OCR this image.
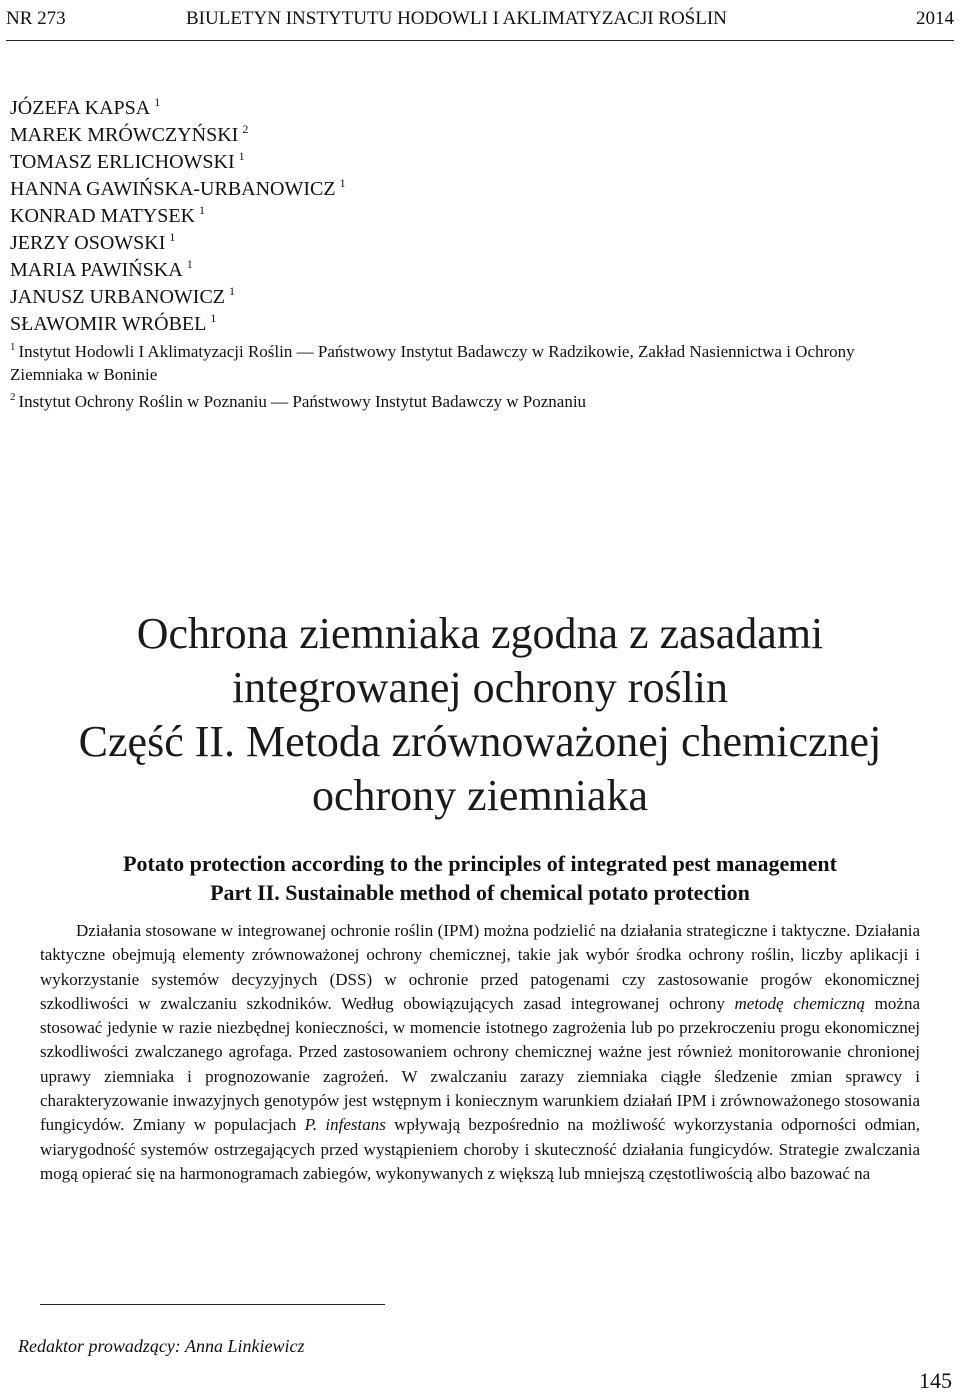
NR 273	BIULETYN INSTYTUTU HODOWLI I AKLIMATYZACJI ROŚLIN	2014
JÓZEFA KAPSA $^1$
MAREK MRÓWCZYŃSKI $^2$
TOMASZ ERLICHOWSKI $^1$
HANNA GAWIŃSKA-URBANOWICZ $^1$
KONRAD MATYSEK $^1$
JERZY OSOWSKI $^1$
MARIA PAWIŃSKA $^1$
JANUSZ URBANOWICZ $^1$
SŁAWOMIR WRÓBEL $^1$
$^1$ Instytut Hodowli I Aklimatyzacji Roślin — Państwowy Instytut Badawczy w Radzikowie, Zakład Nasiennictwa i Ochrony Ziemniaka w Boninie
$^2$ Instytut Ochrony Roślin w Poznaniu — Państwowy Instytut Badawczy w Poznaniu
Ochrona ziemniaka zgodna z zasadami
integrowanej ochrony roślin
Część II. Metoda zrównoważonej chemicznej
ochrony ziemniaka
Potato protection according to the principles of integrated pest management
Part II. Sustainable method of chemical potato protection
Działania stosowane w integrowanej ochronie roślin (IPM) można podzielić na działania strategiczne i taktyczne. Działania taktyczne obejmują elementy zrównoważonej ochrony chemicznej, takie jak wybór środka ochrony roślin, liczby aplikacji i wykorzystanie systemów decyzyjnych (DSS) w ochronie przed patogenami czy zastosowanie progów ekonomicznej szkodliwości w zwalczaniu szkodników. Według obowiązujących zasad integrowanej ochrony metodę chemiczną można stosować jedynie w razie niezbędnej konieczności, w momencie istotnego zagrożenia lub po przekroczeniu progu ekonomicznej szkodliwości zwalczanego agrofaga. Przed zastosowaniem ochrony chemicznej ważne jest również monitorowanie chronionej uprawy ziemniaka i prognozowanie zagrożeń. W zwalczaniu zarazy ziemniaka ciągłe śledzenie zmian sprawcy i charakteryzowanie inwazyjnych genotypów jest wstępnym i koniecznym warunkiem działań IPM i zrównoważonego stosowania fungicydów. Zmiany w populacjach P. infestans wpływają bezpośrednio na możliwość wykorzystania odporności odmian, wiarygodność systemów ostrzegających przed wystąpieniem choroby i skuteczność działania fungicydów. Strategie zwalczania mogą opierać się na harmonogramach zabiegów, wykonywanych z większą lub mniejszą częstotliwością albo bazować na
Redaktor prowadzący: Anna Linkiewicz
145
